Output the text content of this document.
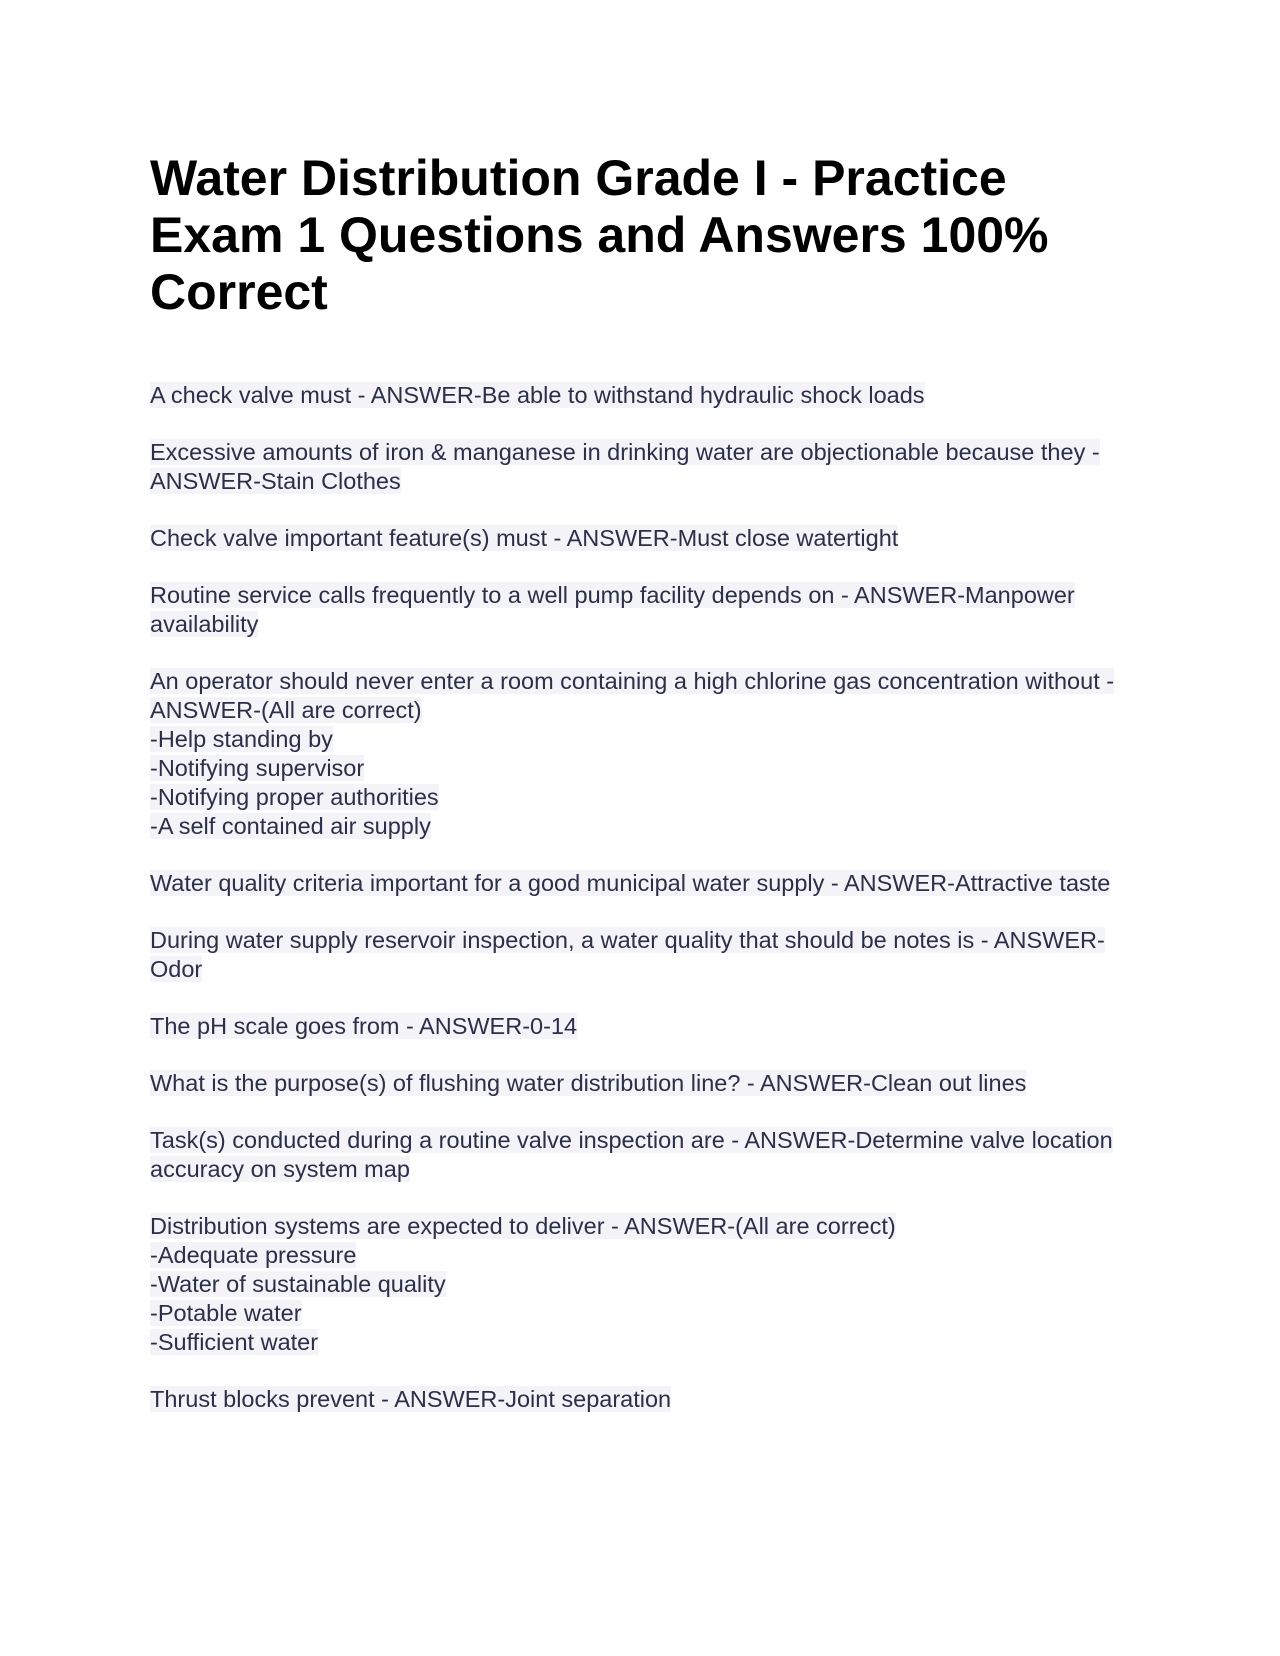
Water Distribution Grade I - Practice Exam 1 Questions and Answers 100% Correct
A check valve must - ANSWER-Be able to withstand hydraulic shock loads
Excessive amounts of iron & manganese in drinking water are objectionable because they - ANSWER-Stain Clothes
Check valve important feature(s) must - ANSWER-Must close watertight
Routine service calls frequently to a well pump facility depends on - ANSWER-Manpower availability
An operator should never enter a room containing a high chlorine gas concentration without - ANSWER-(All are correct)
-Help standing by
-Notifying supervisor
-Notifying proper authorities
-A self contained air supply
Water quality criteria important for a good municipal water supply - ANSWER-Attractive taste
During water supply reservoir inspection, a water quality that should be notes is - ANSWER-Odor
The pH scale goes from - ANSWER-0-14
What is the purpose(s) of flushing water distribution line? - ANSWER-Clean out lines
Task(s) conducted during a routine valve inspection are - ANSWER-Determine valve location accuracy on system map
Distribution systems are expected to deliver - ANSWER-(All are correct)
-Adequate pressure
-Water of sustainable quality
-Potable water
-Sufficient water
Thrust blocks prevent - ANSWER-Joint separation
